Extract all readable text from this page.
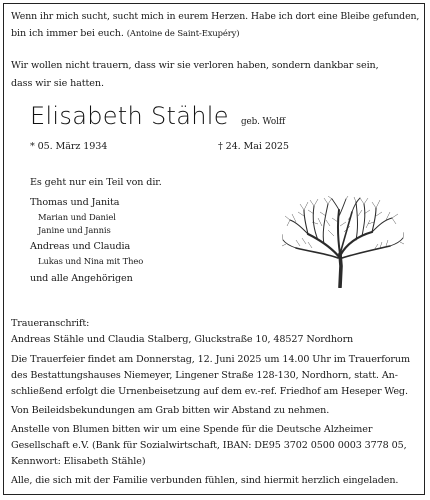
Wenn ihr mich sucht, sucht mich in eurem Herzen. Habe ich dort eine Bleibe gefunden,

bin ich immer bei euch. (Antoine de Saint-Exupéry)

Wir wollen nicht trauern, dass wir sie verloren haben, sondern dankbar sein,

dass wir sie hatten.

Elisabeth Stähle geb. Wolff

* 05. März 1934	† 24. Mai 2025

Es geht nur ein Teil von dir.

Thomas und Janita

Marian und Daniel

Janine und Jannis

Andreas und Claudia

Lukas und Nina mit Theo

und alle Angehörigen

Traueranschrift:

Andreas Stähle und Claudia Stalberg, Gluckstraße 10, 48527 Nordhorn

Die Trauerfeier findet am Donnerstag, 12. Juni 2025 um 14.00 Uhr im Trauerforum

des Bestattungshauses Niemeyer, Lingener Straße 128-130, Nordhorn, statt. An-

schließend erfolgt die Urnenbeisetzung auf dem ev.-ref. Friedhof am Heseper Weg.

Von Beileidsbekundungen am Grab bitten wir Abstand zu nehmen.

Anstelle von Blumen bitten wir um eine Spende für die Deutsche Alzheimer

Gesellschaft e.V. (Bank für Sozialwirtschaft, IBAN: DE95 3702 0500 0003 3778 05,

Kennwort: Elisabeth Stähle)

Alle, die sich mit der Familie verbunden fühlen, sind hiermit herzlich eingeladen.
